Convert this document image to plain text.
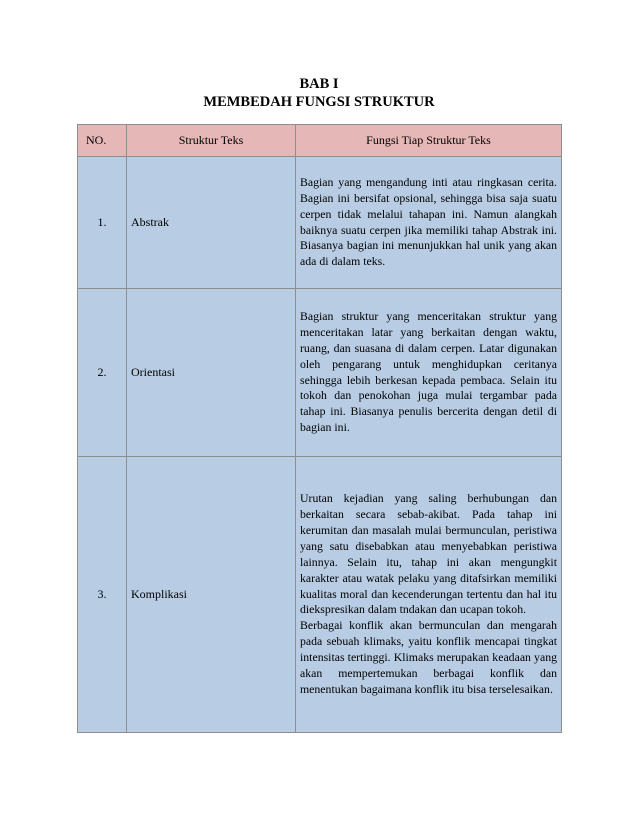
BAB I
MEMBEDAH FUNGSI STRUKTUR
NO.	Struktur Teks	Fungsi Tiap Struktur Teks
1.	Abstrak	Bagian yang mengandung inti atau ringkasan cerita. Bagian ini bersifat opsional, sehingga bisa saja suatu cerpen tidak melalui tahapan ini. Namun alangkah baiknya suatu cerpen jika memiliki tahap Abstrak ini. Biasanya bagian ini menunjukkan hal unik yang akan ada di dalam teks.

2.	Orientasi	Bagian struktur yang menceritakan struktur yang menceritakan latar yang berkaitan dengan waktu, ruang, dan suasana di dalam cerpen. Latar digunakan oleh pengarang untuk menghidupkan ceritanya sehingga lebih berkesan kepada pembaca. Selain itu tokoh dan penokohan juga mulai tergambar pada tahap ini. Biasanya penulis bercerita dengan detil di bagian ini.

3.	Komplikasi	Urutan kejadian yang saling berhubungan dan berkaitan secara sebab-akibat. Pada tahap ini kerumitan dan masalah mulai bermunculan, peristiwa yang satu disebabkan atau menyebabkan peristiwa lainnya. Selain itu, tahap ini akan mengungkit karakter atau watak pelaku yang ditafsirkan memiliki kualitas moral dan kecenderungan tertentu dan hal itu diekspresikan dalam tndakan dan ucapan tokoh.

Berbagai konflik akan bermunculan dan mengarah pada sebuah klimaks, yaitu konflik mencapai tingkat intensitas tertinggi. Klimaks merupakan keadaan yang akan mempertemukan berbagai konflik dan menentukan bagaimana konflik itu bisa terselesaikan.
